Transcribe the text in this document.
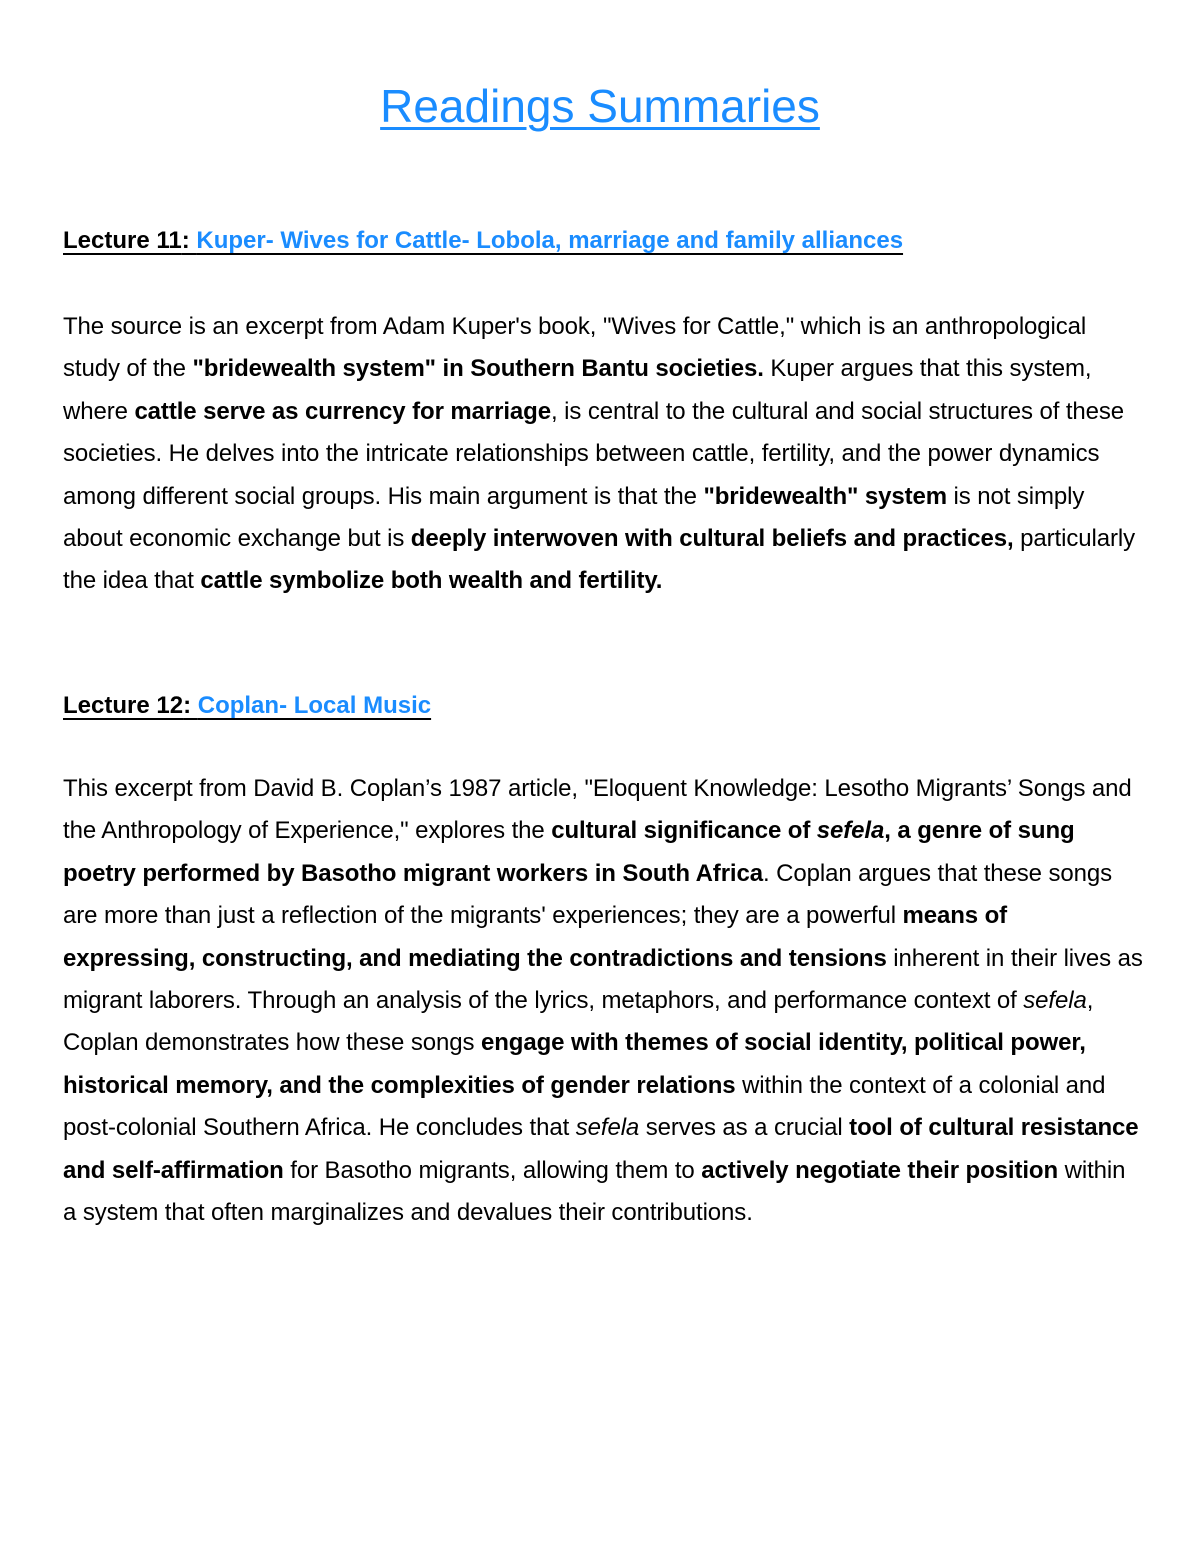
Readings Summaries
Lecture 11: Kuper- Wives for Cattle- Lobola, marriage and family alliances

The source is an excerpt from Adam Kuper's book, "Wives for Cattle," which is an anthropological study of the "bridewealth system" in Southern Bantu societies. Kuper argues that this system, where cattle serve as currency for marriage, is central to the cultural and social structures of these societies. He delves into the intricate relationships between cattle, fertility, and the power dynamics among different social groups. His main argument is that the "bridewealth" system is not simply about economic exchange but is deeply interwoven with cultural beliefs and practices, particularly the idea that cattle symbolize both wealth and fertility.

Lecture 12: Coplan- Local Music

This excerpt from David B. Coplan’s 1987 article, "Eloquent Knowledge: Lesotho Migrants’ Songs and the Anthropology of Experience," explores the cultural significance of sefela, a genre of sung poetry performed by Basotho migrant workers in South Africa. Coplan argues that these songs are more than just a reflection of the migrants' experiences; they are a powerful means of expressing, constructing, and mediating the contradictions and tensions inherent in their lives as migrant laborers. Through an analysis of the lyrics, metaphors, and performance context of sefela, Coplan demonstrates how these songs engage with themes of social identity, political power, historical memory, and the complexities of gender relations within the context of a colonial and post-colonial Southern Africa. He concludes that sefela serves as a crucial tool of cultural resistance and self-affirmation for Basotho migrants, allowing them to actively negotiate their position within a system that often marginalizes and devalues their contributions.
